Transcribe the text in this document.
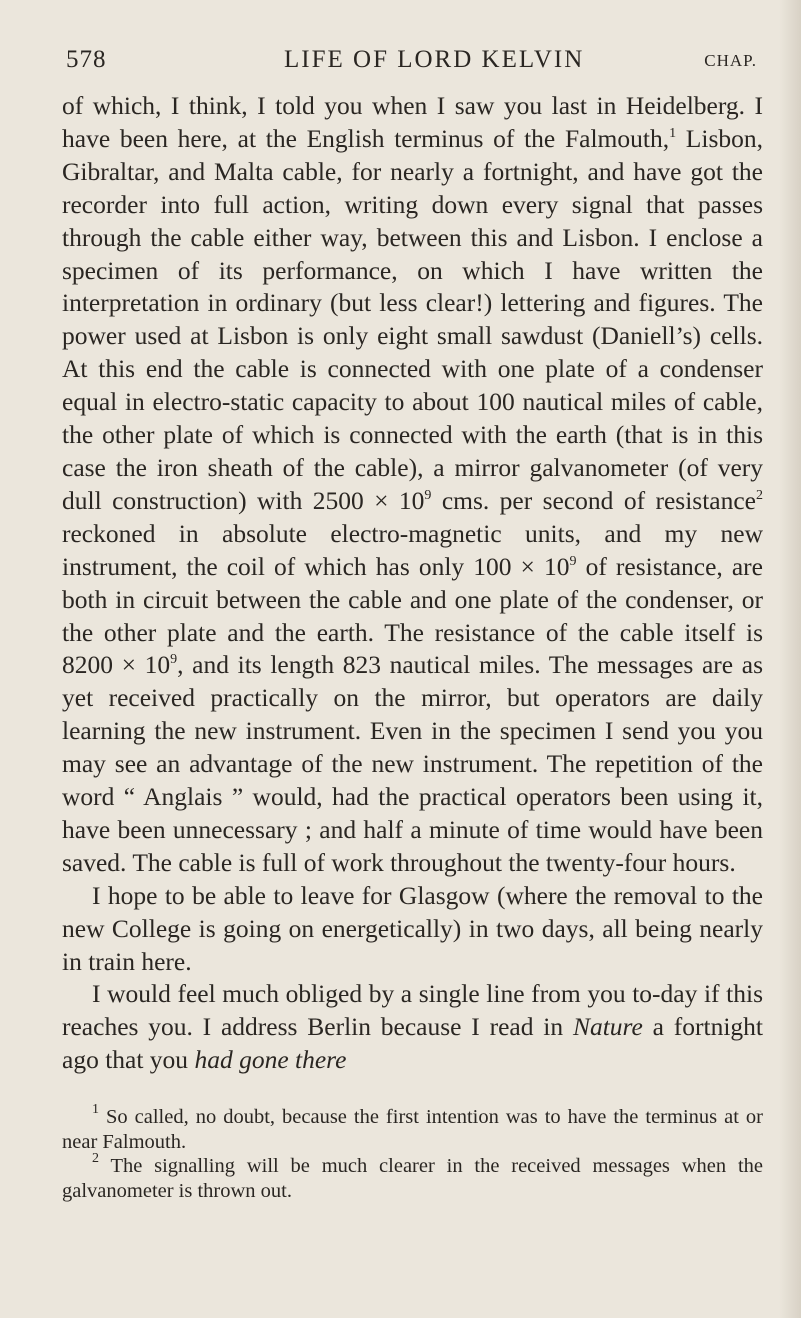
578	LIFE OF LORD KELVIN	CHAP.

of which, I think, I told you when I saw you last in Heidelberg. I have been here, at the English terminus of the Falmouth,$^1$ Lisbon, Gibraltar, and Malta cable, for nearly a fortnight, and have got the recorder into full action, writing down every signal that passes through the cable either way, between this and Lisbon. I enclose a specimen of its performance, on which I have written the interpretation in ordinary (but less clear!) lettering and figures. The power used at Lisbon is only eight small sawdust (Daniell’s) cells. At this end the cable is connected with one plate of a condenser equal in electro-static capacity to about 100 nautical miles of cable, the other plate of which is connected with the earth (that is in this case the iron sheath of the cable), a mirror galvanometer (of very dull construction) with $2500 \times 10^9$ cms. per second of resistance$^2$ reckoned in absolute electro-magnetic units, and my new instrument, the coil of which has only $100 \times 10^9$ of resistance, are both in circuit between the cable and one plate of the condenser, or the other plate and the earth. The resistance of the cable itself is $8200 \times 10^9$, and its length 823 nautical miles. The messages are as yet received practically on the mirror, but operators are daily learning the new instrument. Even in the specimen I send you you may see an advantage of the new instrument. The repetition of the word “ Anglais ” would, had the practical operators been using it, have been unnecessary ; and half a minute of time would have been saved. The cable is full of work throughout the twenty-four hours.

I hope to be able to leave for Glasgow (where the removal to the new College is going on energetically) in two days, all being nearly in train here.

I would feel much obliged by a single line from you to-day if this reaches you. I address Berlin because I read in Nature a fortnight ago that you had gone there

$^1$ So called, no doubt, because the first intention was to have the terminus at or near Falmouth.

$^2$ The signalling will be much clearer in the received messages when the galvanometer is thrown out.
